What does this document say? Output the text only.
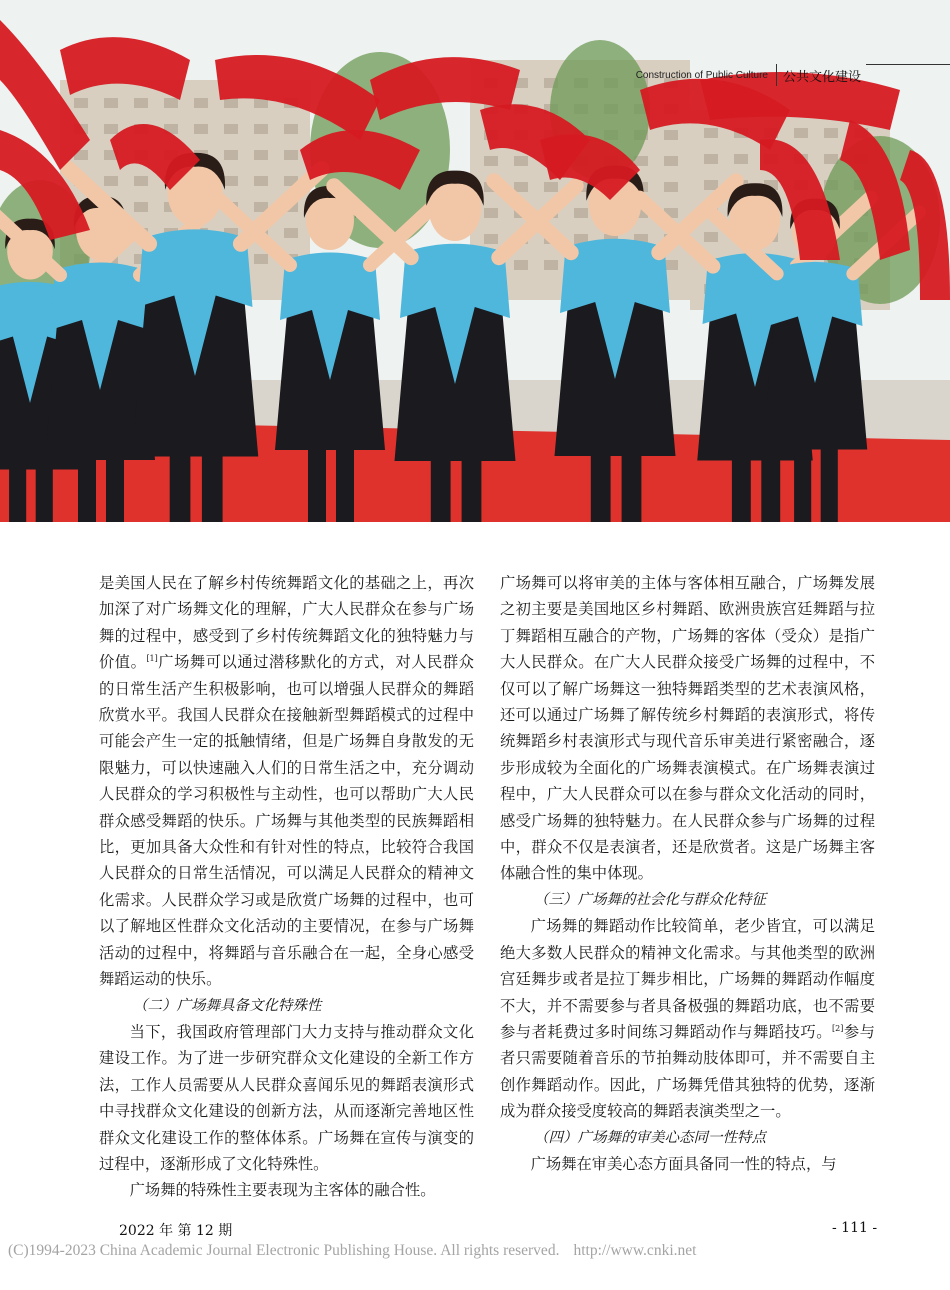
Construction of Public Culture	公共文化建设

是美国人民在了解乡村传统舞蹈文化的基础之上，再次加深了对广场舞文化的理解，广大人民群众在参与广场舞的过程中，感受到了乡村传统舞蹈文化的独特魅力与价值。[1]广场舞可以通过潜移默化的方式，对人民群众的日常生活产生积极影响，也可以增强人民群众的舞蹈欣赏水平。我国人民群众在接触新型舞蹈模式的过程中可能会产生一定的抵触情绪，但是广场舞自身散发的无限魅力，可以快速融入人们的日常生活之中，充分调动人民群众的学习积极性与主动性，也可以帮助广大人民群众感受舞蹈的快乐。广场舞与其他类型的民族舞蹈相比，更加具备大众性和有针对性的特点，比较符合我国人民群众的日常生活情况，可以满足人民群众的精神文化需求。人民群众学习或是欣赏广场舞的过程中，也可以了解地区性群众文化活动的主要情况，在参与广场舞活动的过程中，将舞蹈与音乐融合在一起，全身心感受舞蹈运动的快乐。

（二）广场舞具备文化特殊性

当下，我国政府管理部门大力支持与推动群众文化建设工作。为了进一步研究群众文化建设的全新工作方法，工作人员需要从人民群众喜闻乐见的舞蹈表演形式中寻找群众文化建设的创新方法，从而逐渐完善地区性群众文化建设工作的整体体系。广场舞在宣传与演变的过程中，逐渐形成了文化特殊性。

广场舞的特殊性主要表现为主客体的融合性。

广场舞可以将审美的主体与客体相互融合，广场舞发展之初主要是美国地区乡村舞蹈、欧洲贵族宫廷舞蹈与拉丁舞蹈相互融合的产物，广场舞的客体（受众）是指广大人民群众。在广大人民群众接受广场舞的过程中，不仅可以了解广场舞这一独特舞蹈类型的艺术表演风格，还可以通过广场舞了解传统乡村舞蹈的表演形式，将传统舞蹈乡村表演形式与现代音乐审美进行紧密融合，逐步形成较为全面化的广场舞表演模式。在广场舞表演过程中，广大人民群众可以在参与群众文化活动的同时，感受广场舞的独特魅力。在人民群众参与广场舞的过程中，群众不仅是表演者，还是欣赏者。这是广场舞主客体融合性的集中体现。

（三）广场舞的社会化与群众化特征

广场舞的舞蹈动作比较简单，老少皆宜，可以满足绝大多数人民群众的精神文化需求。与其他类型的欧洲宫廷舞步或者是拉丁舞步相比，广场舞的舞蹈动作幅度不大，并不需要参与者具备极强的舞蹈功底，也不需要参与者耗费过多时间练习舞蹈动作与舞蹈技巧。[2]参与者只需要随着音乐的节拍舞动肢体即可，并不需要自主创作舞蹈动作。因此，广场舞凭借其独特的优势，逐渐成为群众接受度较高的舞蹈表演类型之一。

（四）广场舞的审美心态同一性特点

广场舞在审美心态方面具备同一性的特点，与

2022 年 第 12 期	- 111 -
(C)1994-2023 China Academic Journal Electronic Publishing House. All rights reserved. http://www.cnki.net
